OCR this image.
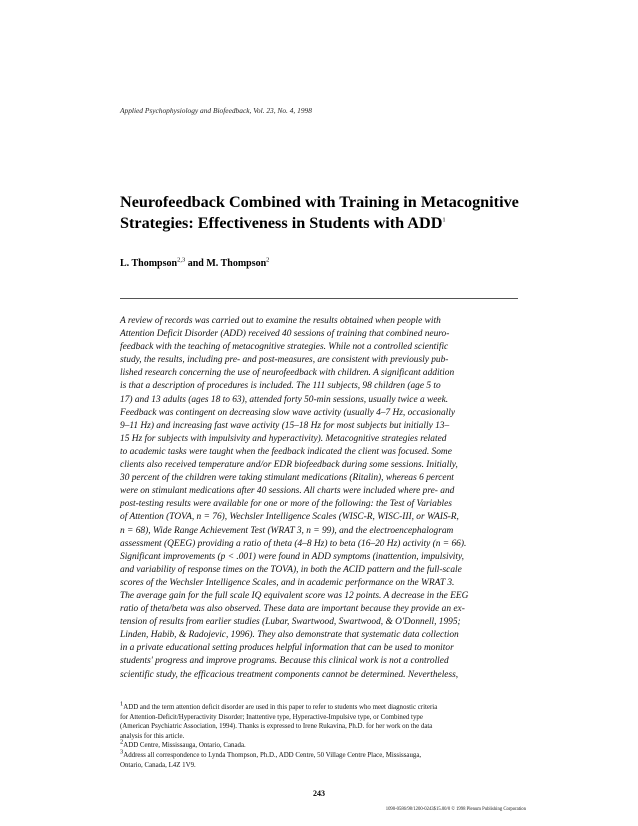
Applied Psychophysiology and Biofeedback, Vol. 23, No. 4, 1998
Neurofeedback Combined with Training in Metacognitive
Strategies: Effectiveness in Students with ADD$^1$
L. Thompson$^{2,3}$ and M. Thompson$^2$
A review of records was carried out to examine the results obtained when people with
Attention Deficit Disorder (ADD) received 40 sessions of training that combined neuro-
feedback with the teaching of metacognitive strategies. While not a controlled scientific
study, the results, including pre- and post-measures, are consistent with previously pub-
lished research concerning the use of neurofeedback with children. A significant addition
is that a description of procedures is included. The 111 subjects, 98 children (age 5 to
17) and 13 adults (ages 18 to 63), attended forty 50-min sessions, usually twice a week.
Feedback was contingent on decreasing slow wave activity (usually 4–7 Hz, occasionally
9–11 Hz) and increasing fast wave activity (15–18 Hz for most subjects but initially 13–
15 Hz for subjects with impulsivity and hyperactivity). Metacognitive strategies related
to academic tasks were taught when the feedback indicated the client was focused. Some
clients also received temperature and/or EDR biofeedback during some sessions. Initially,
30 percent of the children were taking stimulant medications (Ritalin), whereas 6 percent
were on stimulant medications after 40 sessions. All charts were included where pre- and
post-testing results were available for one or more of the following: the Test of Variables
of Attention (TOVA, n = 76), Wechsler Intelligence Scales (WISC-R, WISC-III, or WAIS-R,
n = 68), Wide Range Achievement Test (WRAT 3, n = 99), and the electroencephalogram
assessment (QEEG) providing a ratio of theta (4–8 Hz) to beta (16–20 Hz) activity (n = 66).
Significant improvements (p < .001) were found in ADD symptoms (inattention, impulsivity,
and variability of response times on the TOVA), in both the ACID pattern and the full-scale
scores of the Wechsler Intelligence Scales, and in academic performance on the WRAT 3.
The average gain for the full scale IQ equivalent score was 12 points. A decrease in the EEG
ratio of theta/beta was also observed. These data are important because they provide an ex-
tension of results from earlier studies (Lubar, Swartwood, Swartwood, & O'Donnell, 1995;
Linden, Habib, & Radojevic, 1996). They also demonstrate that systematic data collection
in a private educational setting produces helpful information that can be used to monitor
students' progress and improve programs. Because this clinical work is not a controlled
scientific study, the efficacious treatment components cannot be determined. Nevertheless,
$^1$ADD and the term attention deficit disorder are used in this paper to refer to students who meet diagnostic criteria
for Attention-Deficit/Hyperactivity Disorder; Inattentive type, Hyperactive-Impulsive type, or Combined type
(American Psychiatric Association, 1994). Thanks is expressed to Irene Rukavina, Ph.D. for her work on the data
analysis for this article.
$^2$ADD Centre, Mississauga, Ontario, Canada.
$^3$Address all correspondence to Lynda Thompson, Ph.D., ADD Centre, 50 Village Centre Place, Mississauga,
Ontario, Canada, L4Z 1V9.
243
1090-0586/98/1200-0243$15.00/0 © 1998 Plenum Publishing Corporation
